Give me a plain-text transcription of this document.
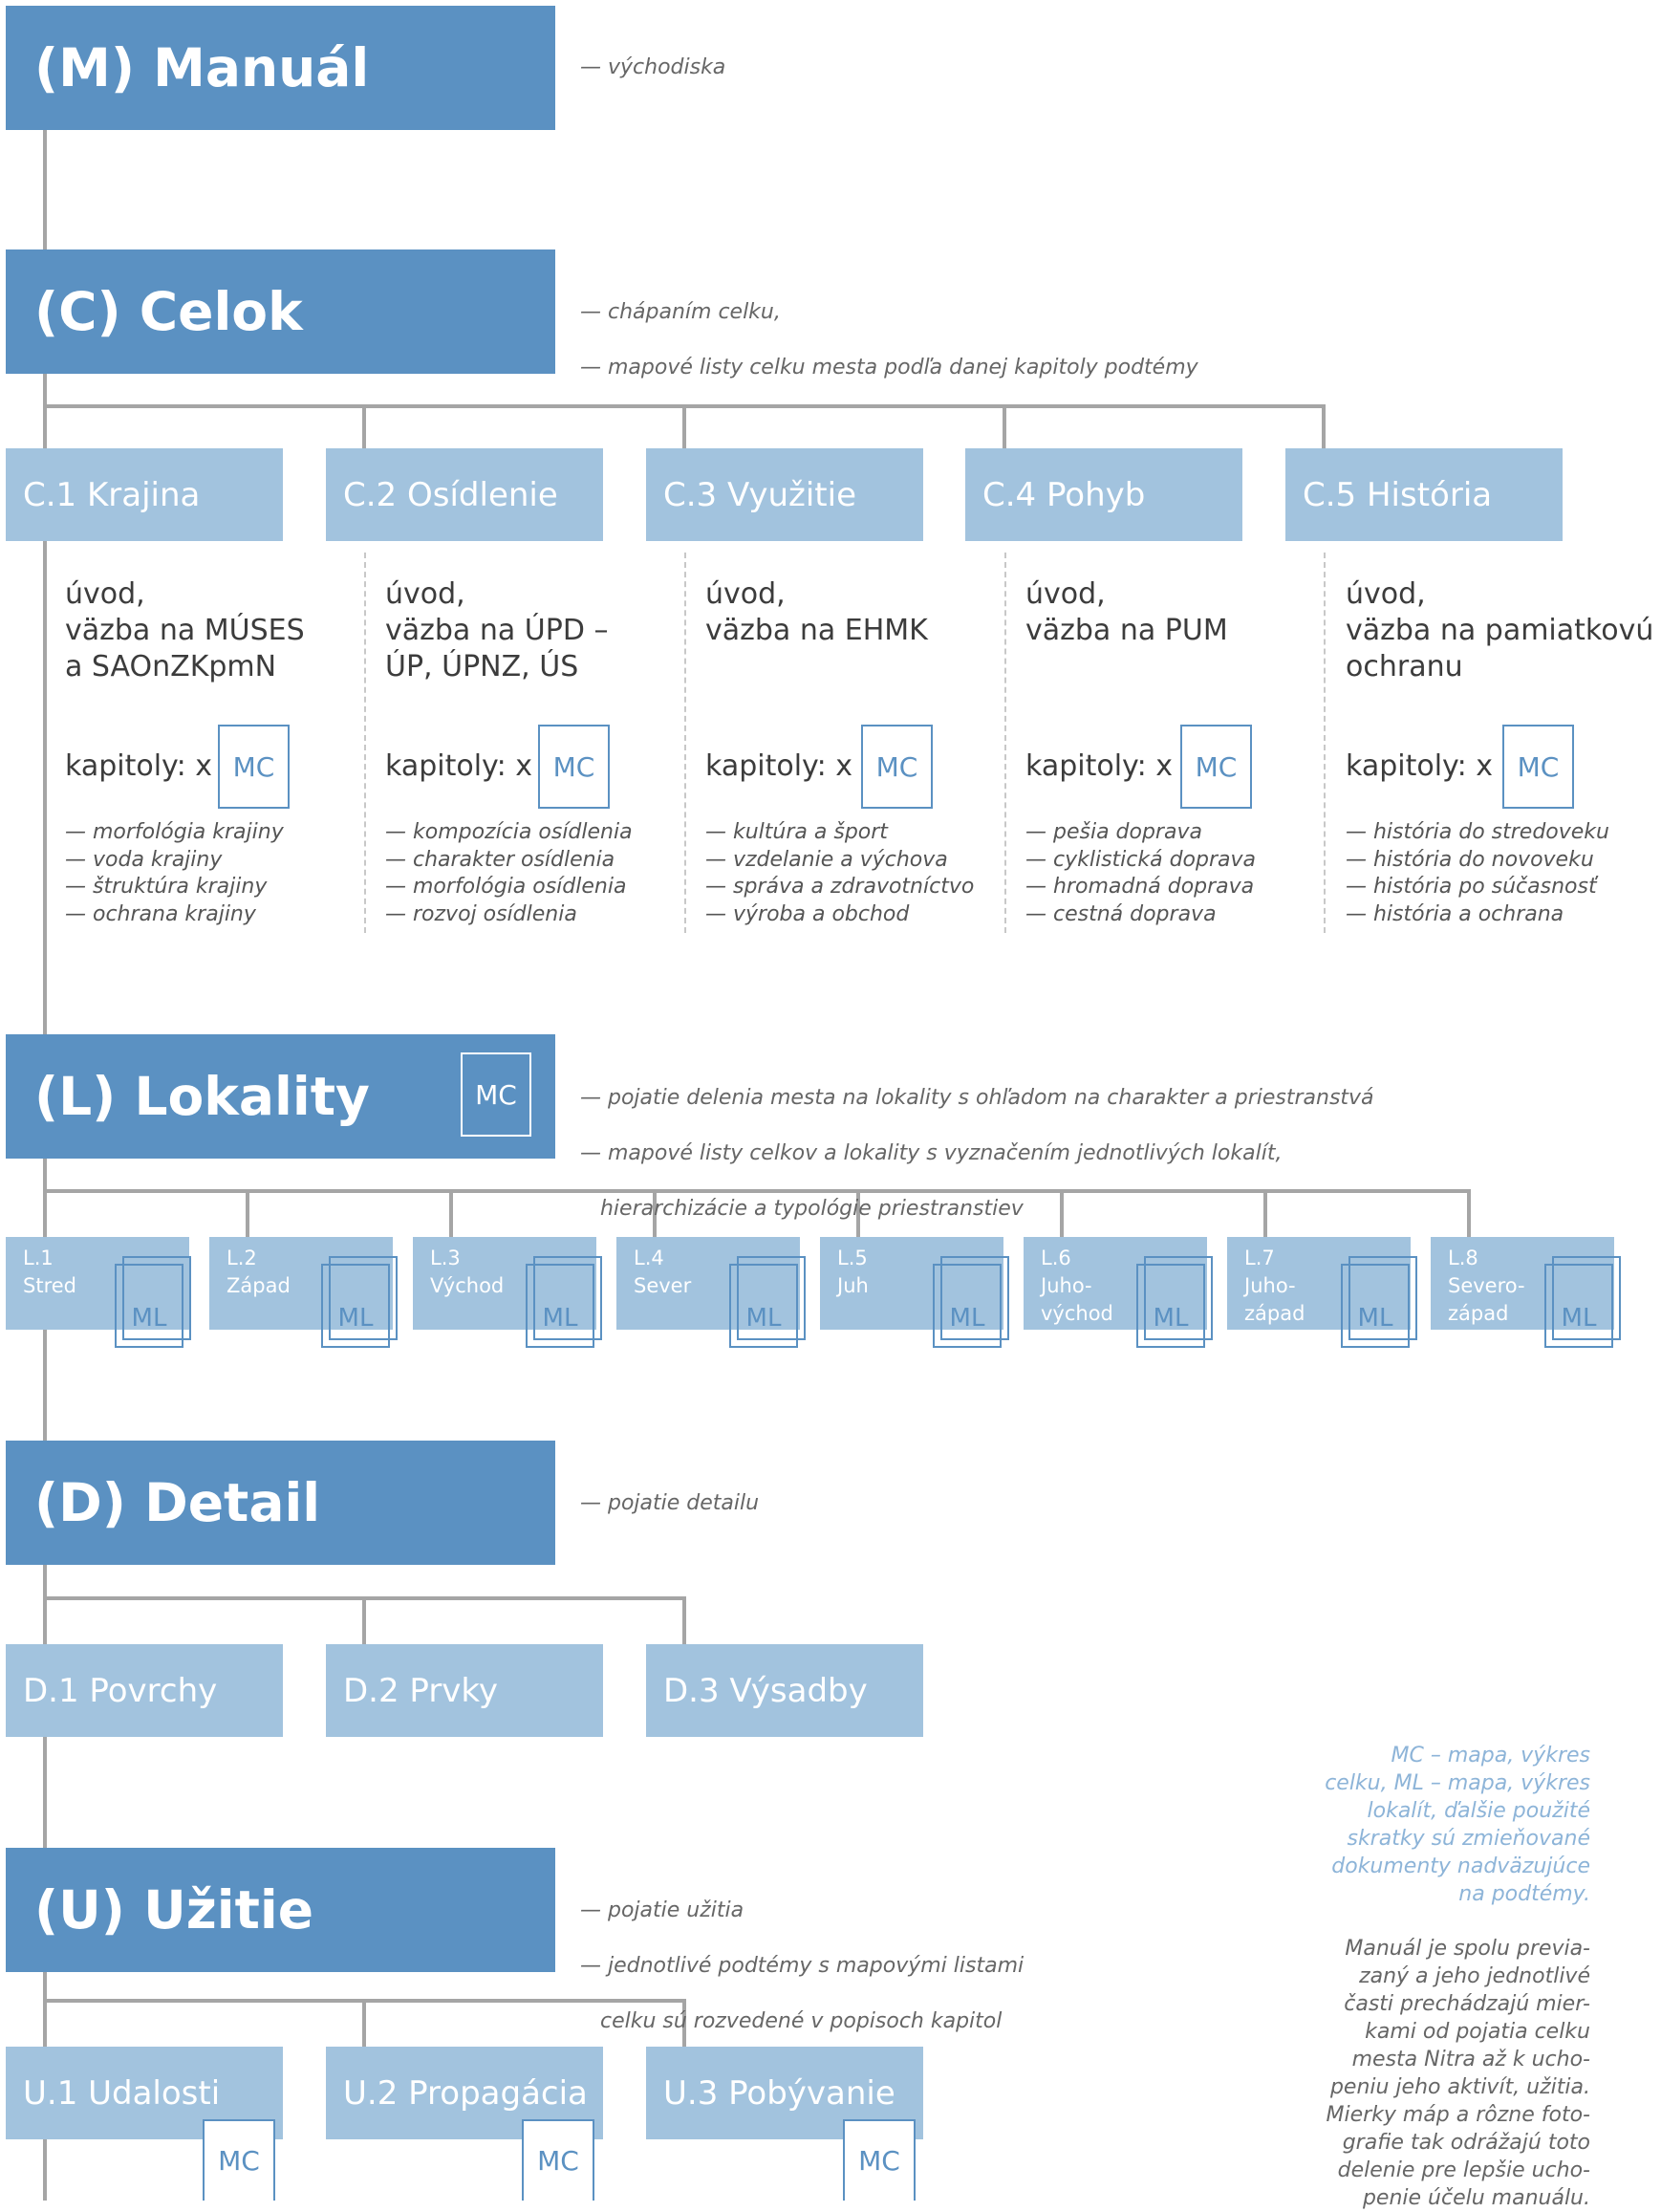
(M) Manuál	— východiska

(C) Celok	— chápaním celku,

— mapové listy celku mesta podľa danej kapitoly podtémy

C.1 Krajina	C.2 Osídlenie	C.3 Využitie	C.4 Pohyb	C.5 História
úvod,
väzba na MÚSES
a SAOnZKpmN
kapitoly: x MC
— morfológia krajiny
— voda krajiny
— štruktúra krajiny
— ochrana krajiny
úvod,
väzba na ÚPD –
ÚP, ÚPNZ, ÚS
kapitoly: x MC
— kompozícia osídlenia
— charakter osídlenia
— morfológia osídlenia
— rozvoj osídlenia
úvod,
väzba na EHMK
kapitoly: x MC
— kultúra a šport
— vzdelanie a výchova
— správa a zdravotníctvo
— výroba a obchod
úvod,
väzba na PUM
kapitoly: x MC
— pešia doprava
— cyklistická doprava
— hromadná doprava
— cestná doprava
úvod,
väzba na pamiatkovú
ochranu
kapitoly: x MC
— história do stredoveku
— história do novoveku
— história po súčasnosť
— história a ochrana
(L) Lokality	MC	— pojatie delenia mesta na lokality s ohľadom na charakter a priestranstvá

— mapové listy celkov a lokality s vyznačením jednotlivých lokalít,

hierarchizácie a typológie priestranstiev

L.1
Stred
ML
L.2
Západ
ML
L.3
Východ
ML
L.4
Sever
ML
L.5
Juh
ML
L.6
Juho-
východ	ML
L.7
Juho-
západ	ML
L.8
Severo-
západ	ML
(D) Detail	— pojatie detailu

D.1 Povrchy	D.2 Prvky	D.3 Výsadby
(U) Užitie	— pojatie užitia

— jednotlivé podtémy s mapovými listami

celku sú rozvedené v popisoch kapitol

U.1 Udalosti	U.2 Propagácia U.3 Pobývanie
MC	MC	MC
MC – mapa, výkres
celku, ML – mapa, výkres
lokalít, ďalšie použité
skratky sú zmieňované
dokumenty nadväzujúce
na podtémy.
Manuál je spolu previa-
zaný a jeho jednotlivé
časti prechádzajú mier-
kami od pojatia celku
mesta Nitra až k ucho-
peniu jeho aktivít, užitia.
Mierky máp a rôzne foto-
grafie tak odrážajú toto
delenie pre lepšie ucho-
penie účelu manuálu.
